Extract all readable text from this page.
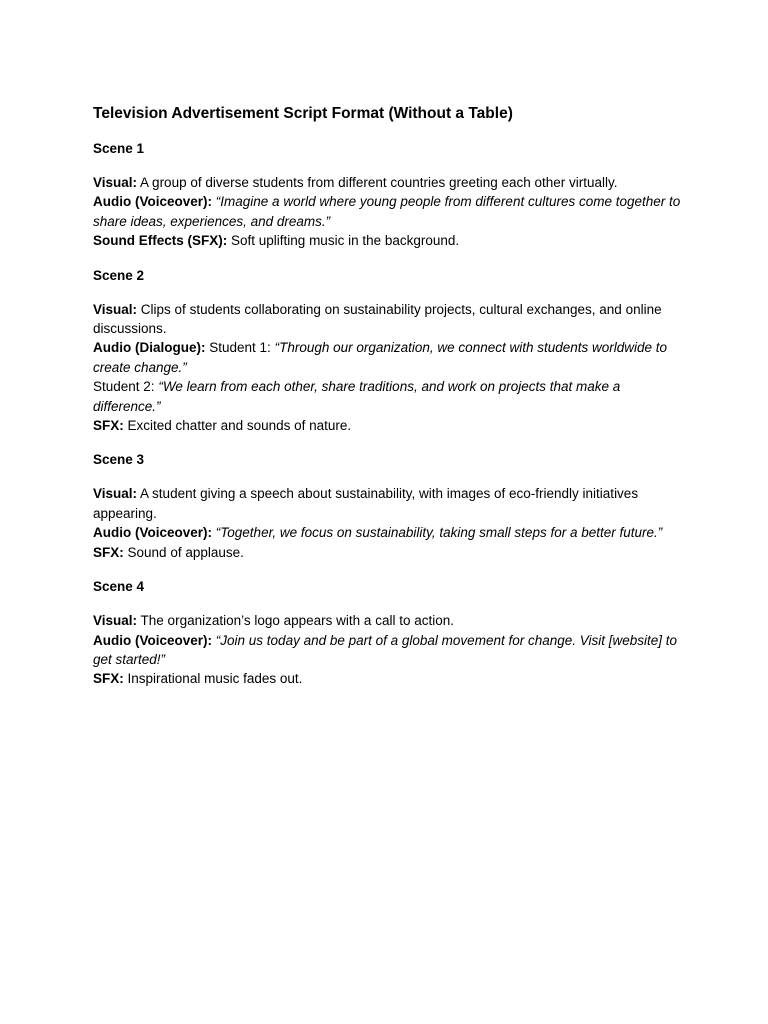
Television Advertisement Script Format (Without a Table)
Scene 1

Visual: A group of diverse students from different countries greeting each other virtually.

Audio (Voiceover): “Imagine a world where young people from different cultures come together to share ideas, experiences, and dreams.”

Sound Effects (SFX): Soft uplifting music in the background.

Scene 2

Visual: Clips of students collaborating on sustainability projects, cultural exchanges, and online discussions.

Audio (Dialogue): Student 1: “Through our organization, we connect with students worldwide to create change.”

Student 2: “We learn from each other, share traditions, and work on projects that make a difference.”

SFX: Excited chatter and sounds of nature.

Scene 3

Visual: A student giving a speech about sustainability, with images of eco-friendly initiatives appearing.

Audio (Voiceover): “Together, we focus on sustainability, taking small steps for a better future.”

SFX: Sound of applause.

Scene 4

Visual: The organization’s logo appears with a call to action.

Audio (Voiceover): “Join us today and be part of a global movement for change. Visit [website] to get started!”

SFX: Inspirational music fades out.
